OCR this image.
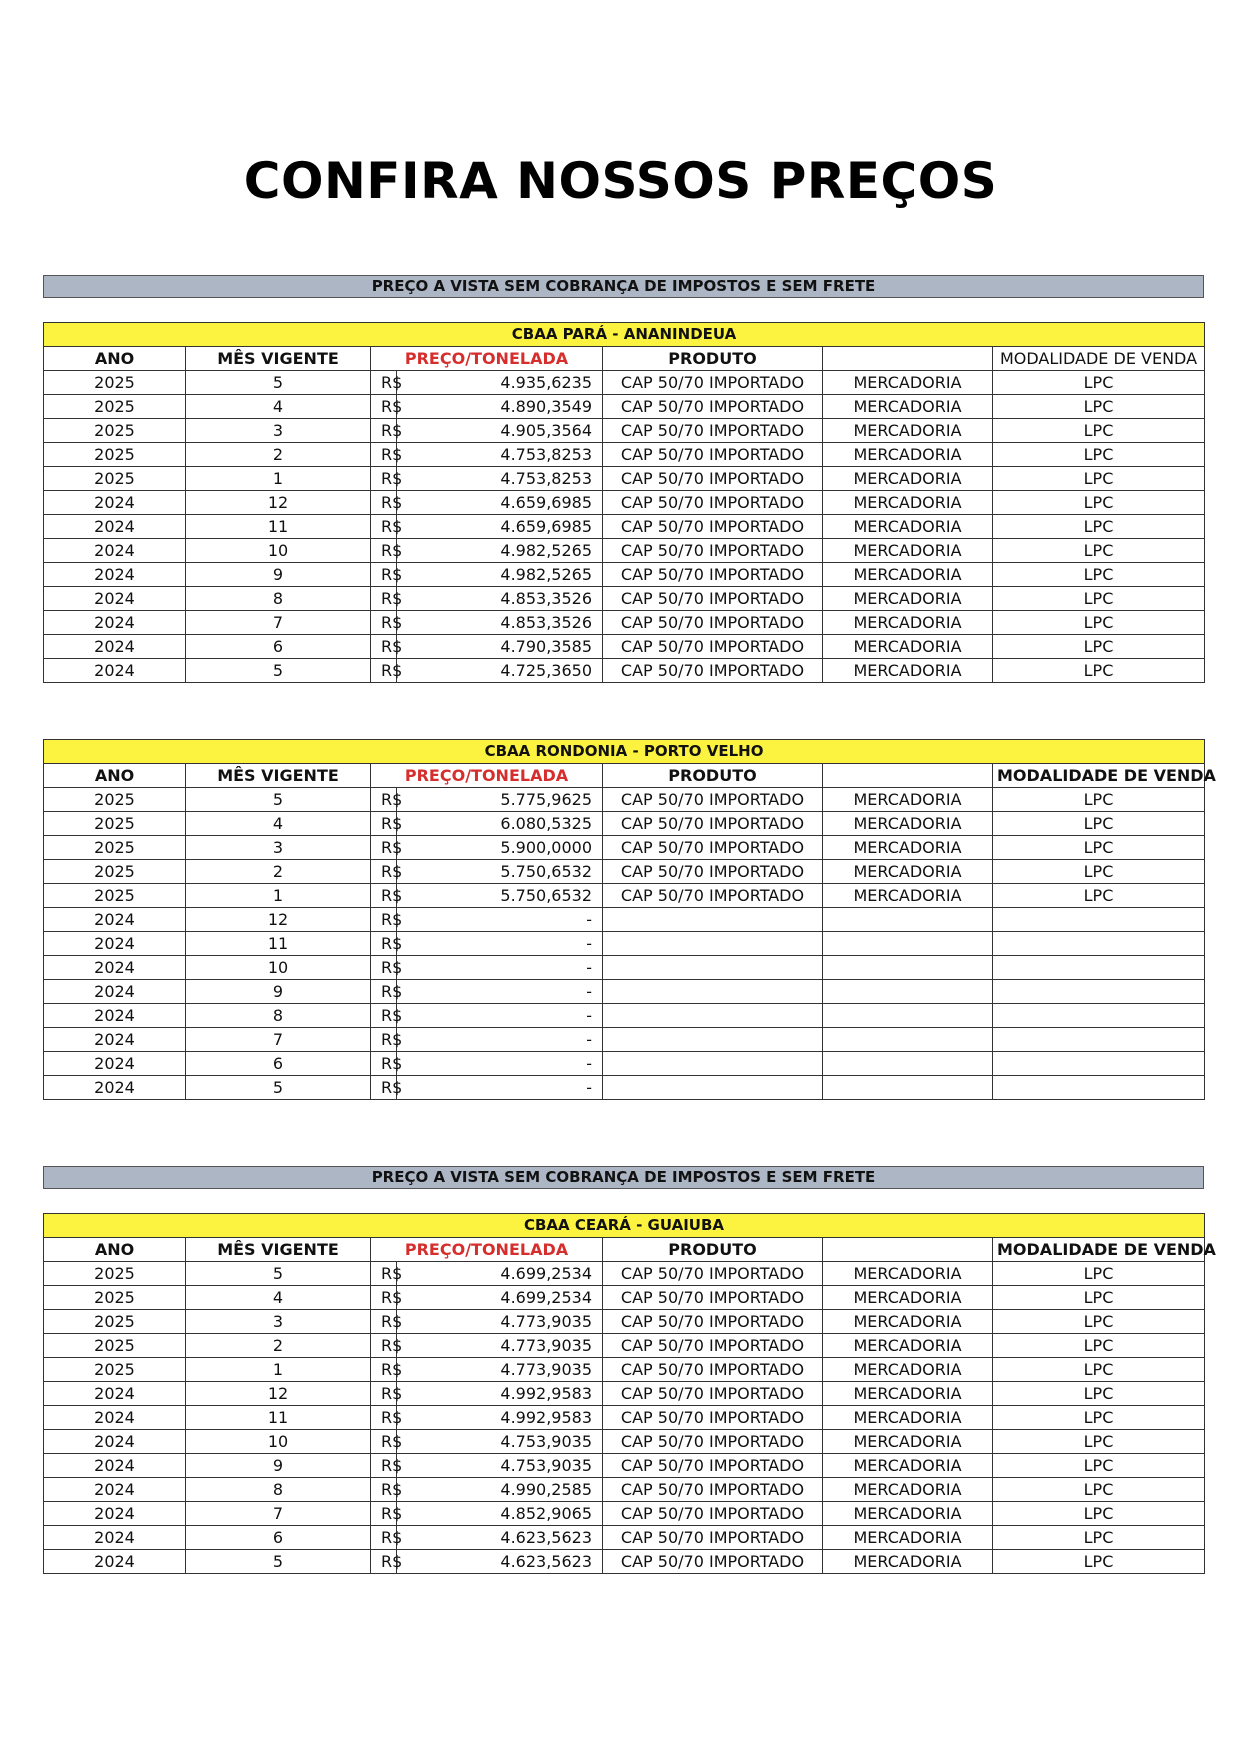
CONFIRA NOSSOS PREÇOS
PREÇO A VISTA SEM COBRANÇA DE IMPOSTOS E SEM FRETE
CBAA PARÁ - ANANINDEUA						
ANO	MÊS VIGENTE	PREÇO/TONELADA		PRODUTO		MODALIDADE DE VENDA
2025	5	R$	4.935,6235	CAP 50/70 IMPORTADO	MERCADORIA	LPC
2025	4	R$	4.890,3549	CAP 50/70 IMPORTADO	MERCADORIA	LPC
2025	3	R$	4.905,3564	CAP 50/70 IMPORTADO	MERCADORIA	LPC
2025	2	R$	4.753,8253	CAP 50/70 IMPORTADO	MERCADORIA	LPC
2025	1	R$	4.753,8253	CAP 50/70 IMPORTADO	MERCADORIA	LPC
2024	12	R$	4.659,6985	CAP 50/70 IMPORTADO	MERCADORIA	LPC
2024	11	R$	4.659,6985	CAP 50/70 IMPORTADO	MERCADORIA	LPC
2024	10	R$	4.982,5265	CAP 50/70 IMPORTADO	MERCADORIA	LPC
2024	9	R$	4.982,5265	CAP 50/70 IMPORTADO	MERCADORIA	LPC
2024	8	R$	4.853,3526	CAP 50/70 IMPORTADO	MERCADORIA	LPC
2024	7	R$	4.853,3526	CAP 50/70 IMPORTADO	MERCADORIA	LPC
2024	6	R$	4.790,3585	CAP 50/70 IMPORTADO	MERCADORIA	LPC
2024	5	R$	4.725,3650	CAP 50/70 IMPORTADO	MERCADORIA	LPC
CBAA RONDONIA - PORTO VELHO						
ANO	MÊS VIGENTE	PREÇO/TONELADA		PRODUTO		MODALIDADE DE VENDA
2025	5	R$	5.775,9625	CAP 50/70 IMPORTADO	MERCADORIA	LPC
2025	4	R$	6.080,5325	CAP 50/70 IMPORTADO	MERCADORIA	LPC
2025	3	R$	5.900,0000	CAP 50/70 IMPORTADO	MERCADORIA	LPC
2025	2	R$	5.750,6532	CAP 50/70 IMPORTADO	MERCADORIA	LPC
2025	1	R$	5.750,6532	CAP 50/70 IMPORTADO	MERCADORIA	LPC
2024	12	R$	-			
2024	11	R$	-			
2024	10	R$	-			
2024	9	R$	-			
2024	8	R$	-			
2024	7	R$	-			
2024	6	R$	-			
2024	5	R$	-			
PREÇO A VISTA SEM COBRANÇA DE IMPOSTOS E SEM FRETE
CBAA CEARÁ - GUAIUBA						
ANO	MÊS VIGENTE	PREÇO/TONELADA		PRODUTO		MODALIDADE DE VENDA
2025	5	R$	4.699,2534	CAP 50/70 IMPORTADO	MERCADORIA	LPC
2025	4	R$	4.699,2534	CAP 50/70 IMPORTADO	MERCADORIA	LPC
2025	3	R$	4.773,9035	CAP 50/70 IMPORTADO	MERCADORIA	LPC
2025	2	R$	4.773,9035	CAP 50/70 IMPORTADO	MERCADORIA	LPC
2025	1	R$	4.773,9035	CAP 50/70 IMPORTADO	MERCADORIA	LPC
2024	12	R$	4.992,9583	CAP 50/70 IMPORTADO	MERCADORIA	LPC
2024	11	R$	4.992,9583	CAP 50/70 IMPORTADO	MERCADORIA	LPC
2024	10	R$	4.753,9035	CAP 50/70 IMPORTADO	MERCADORIA	LPC
2024	9	R$	4.753,9035	CAP 50/70 IMPORTADO	MERCADORIA	LPC
2024	8	R$	4.990,2585	CAP 50/70 IMPORTADO	MERCADORIA	LPC
2024	7	R$	4.852,9065	CAP 50/70 IMPORTADO	MERCADORIA	LPC
2024	6	R$	4.623,5623	CAP 50/70 IMPORTADO	MERCADORIA	LPC
2024	5	R$	4.623,5623	CAP 50/70 IMPORTADO	MERCADORIA	LPC
